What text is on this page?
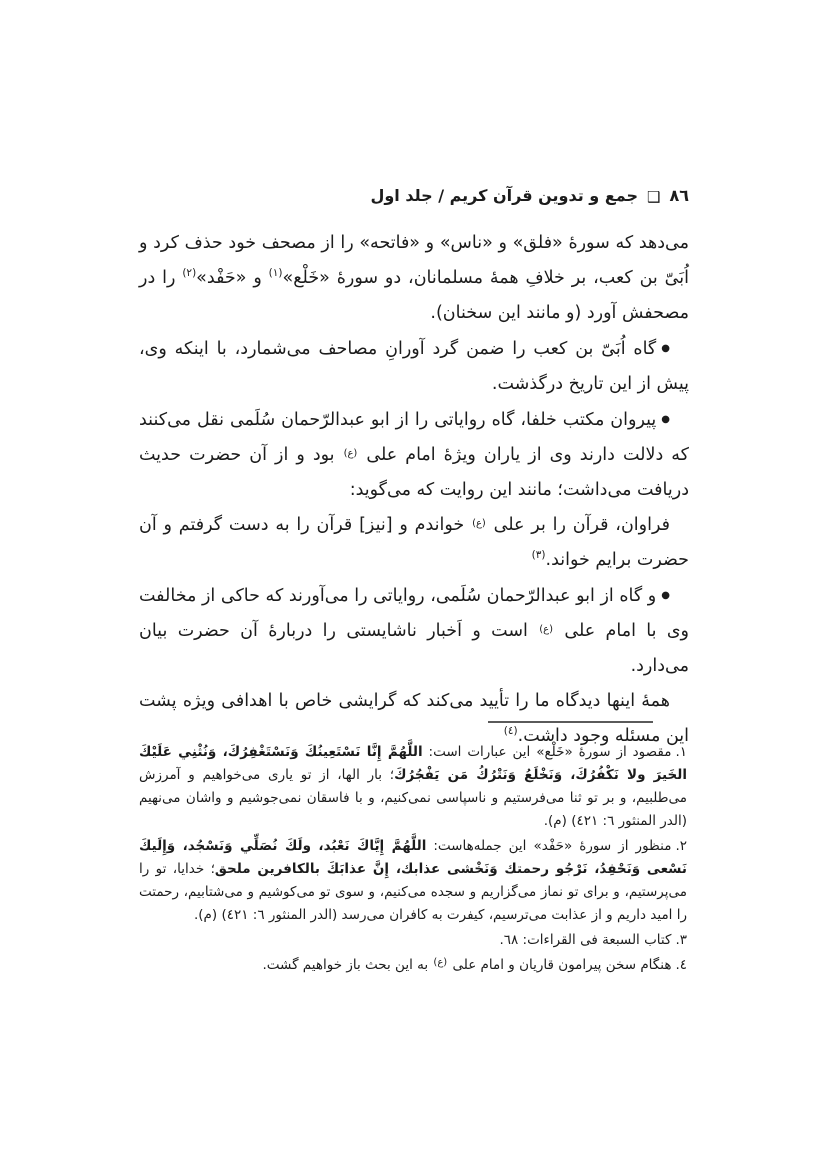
٨٦❑جمع و تدوین قرآن کریم / جلد اول

می‌دهد که سورۀ «فلق» و «ناس» و «فاتحه» را از مصحف خود حذف کرد و اُبَیّ بن کعب، بر خلافِ همۀ مسلمانان، دو سورۀ «خَلْع»$^{(١)}$ و «حَفْد»$^{(٢)}$ را در مصحفش آورد (و مانند این سخنان).

●گاه اُبَیّ بن کعب را ضمن گرد آورانِ مصاحف می‌شمارد، با اینکه وی، پیش از این تاریخ درگذشت.

●پیروان مکتب خلفا، گاه روایاتی را از ابو عبدالرّحمان سُلَمی نقل می‌کنند که دلالت دارند وی از یاران ویژۀ امام علی $^{(ع)}$ بود و از آن حضرت حدیث دریافت می‌داشت؛ مانند این روایت که می‌گوید:

فراوان، قرآن را بر علی $^{(ع)}$ خواندم و [نیز] قرآن را به دست گرفتم و آن حضرت برایم خواند.$^{(٣)}$

●و گاه از ابو عبدالرّحمان سُلَمی، روایاتی را می‌آورند که حاکی از مخالفت وی با امام علی $^{(ع)}$ است و اَخبار ناشایستی را دربارۀ آن حضرت بیان می‌دارد.

همۀ اینها دیدگاه ما را تأیید می‌کند که گرایشی خاص با اهدافی ویژه پشت این مسئله وجود داشت.$^{(٤)}$

١.مقصود از سورۀ «خَلْع» این عبارات است: اللَّهُمَّ إِنَّا نَسْتَعِينُكَ وَنَسْتَغْفِرُكَ، وَنُثْنِي عَلَيْكَ الخَيرَ ولا نَكْفُرُكَ، وَنَخْلَعُ وَنَتْرُكُ مَن يَفْجُرُكَ؛ بار الها، از تو یاری می‌خواهیم و آمرزش می‌طلبیم، و بر تو ثنا می‌فرستیم و ناسپاسی نمی‌کنیم، و با فاسقان نمی‌جوشیم و واشان می‌نهیم (الدر المنثور ٦: ٤٢١) (م).

٢.منظور از سورۀ «حَفْد» این جمله‌هاست: اللَّهُمَّ إِيَّاكَ نَعْبُد، ولَكَ نُصَلِّي وَنَسْجُد، وَإِلَيكَ نَسْعى وَنَحْفِدُ، نَرْجُو رحمتك وَنَخْشى عذابك، إِنَّ عذابَكَ بالكافرين ملحق؛ خدایا، تو را می‌پرستیم، و برای تو نماز می‌گزاریم و سجده می‌کنیم، و سوی تو می‌کوشیم و می‌شتابیم، رحمتت را امید داریم و از عذابت می‌ترسیم، کیفرت به کافران می‌رسد (الدر المنثور ٦: ٤٢١) (م).

٣.کتاب السبعة فی القراءات: ٦٨.

٤.هنگام سخن پیرامون قاریان و امام علی $^{(ع)}$ به این بحث باز خواهیم گشت.
